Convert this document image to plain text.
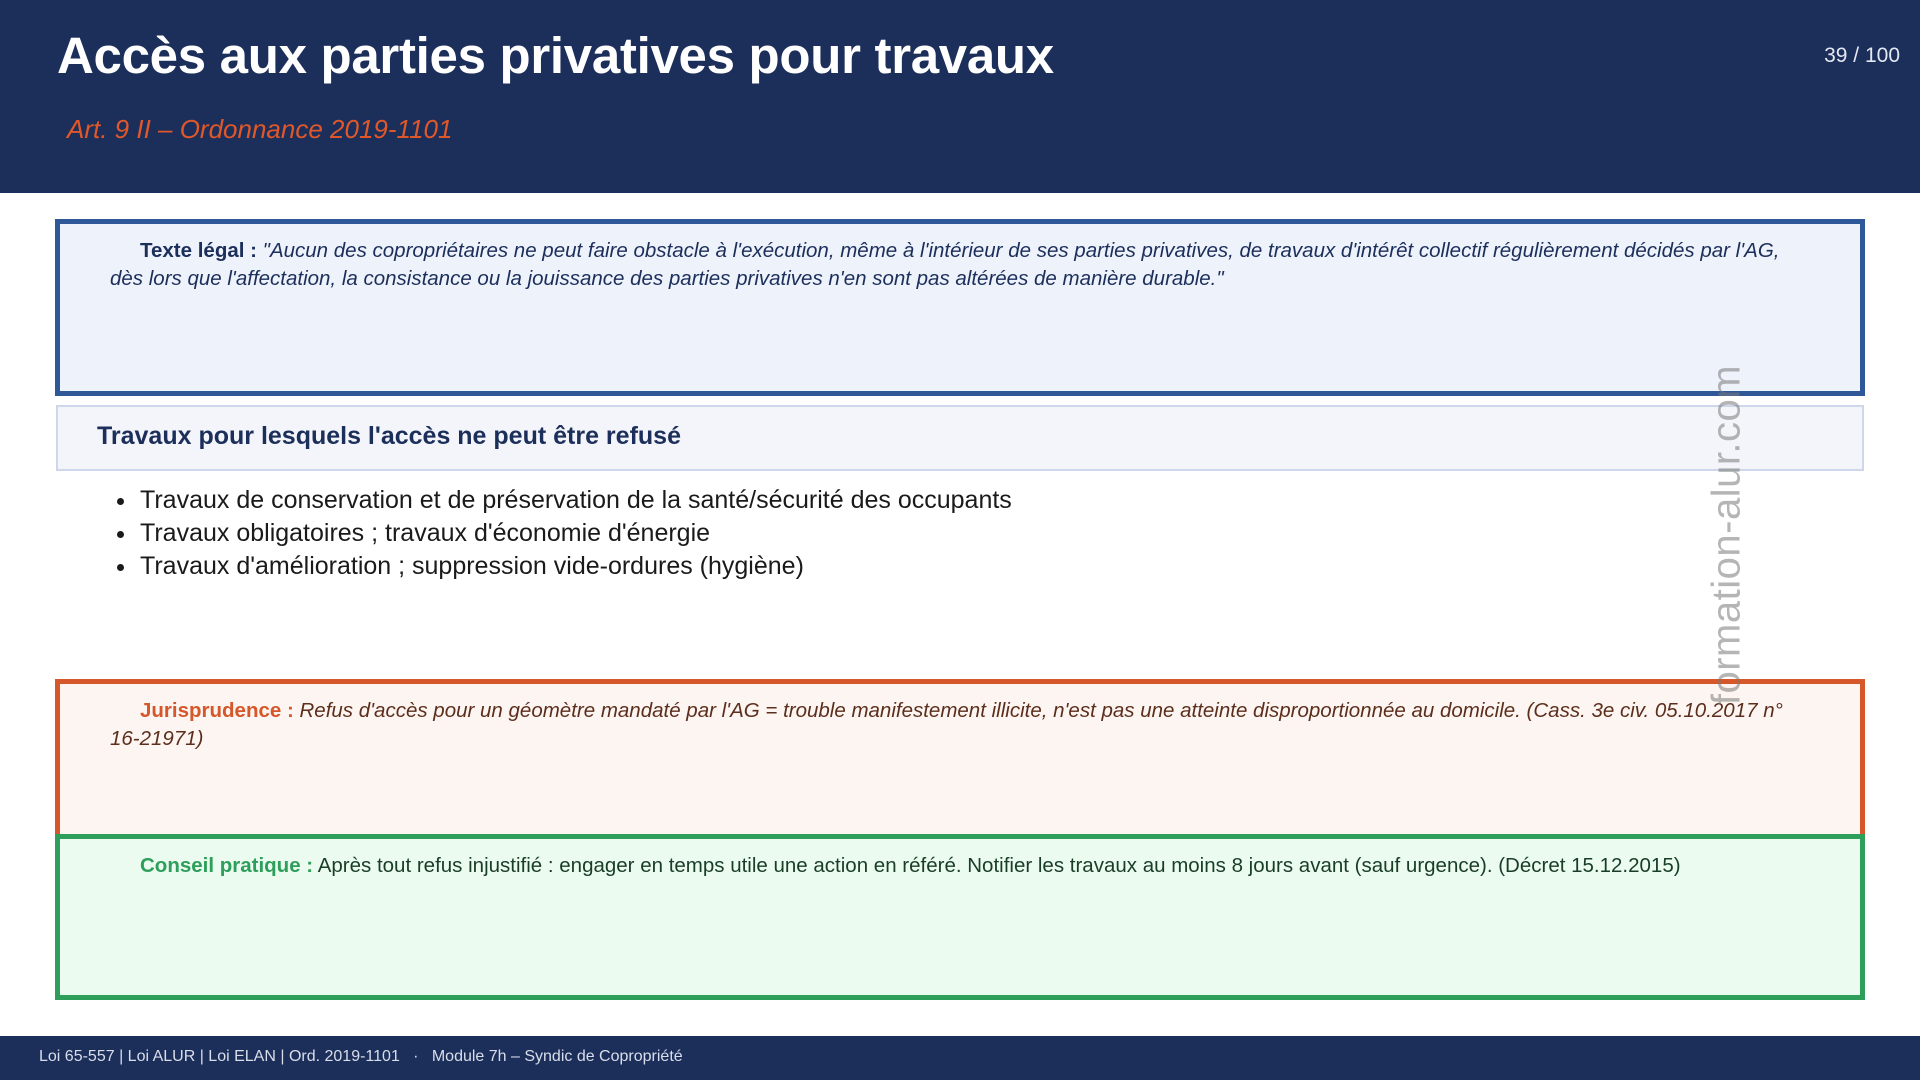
Accès aux parties privatives pour travaux
Art. 9 II – Ordonnance 2019-1101
39 / 100
Texte légal : "Aucun des copropriétaires ne peut faire obstacle à l'exécution, même à l'intérieur de ses parties privatives, de travaux d'intérêt collectif régulièrement décidés par l'AG, dès lors que l'affectation, la consistance ou la jouissance des parties privatives n'en sont pas altérées de manière durable."
Travaux pour lesquels l'accès ne peut être refusé
Travaux de conservation et de préservation de la santé/sécurité des occupants
Travaux obligatoires ; travaux d'économie d'énergie
Travaux d'amélioration ; suppression vide-ordures (hygiène)
Jurisprudence : Refus d'accès pour un géomètre mandaté par l'AG = trouble manifestement illicite, n'est pas une atteinte disproportionnée au domicile. (Cass. 3e civ. 05.10.2017 n° 16-21971)
Conseil pratique : Après tout refus injustifié : engager en temps utile une action en référé. Notifier les travaux au moins 8 jours avant (sauf urgence). (Décret 15.12.2015)
formation-alur.com
Loi 65-557 | Loi ALUR | Loi ELAN | Ord. 2019-1101   ·   Module 7h – Syndic de Copropriété
